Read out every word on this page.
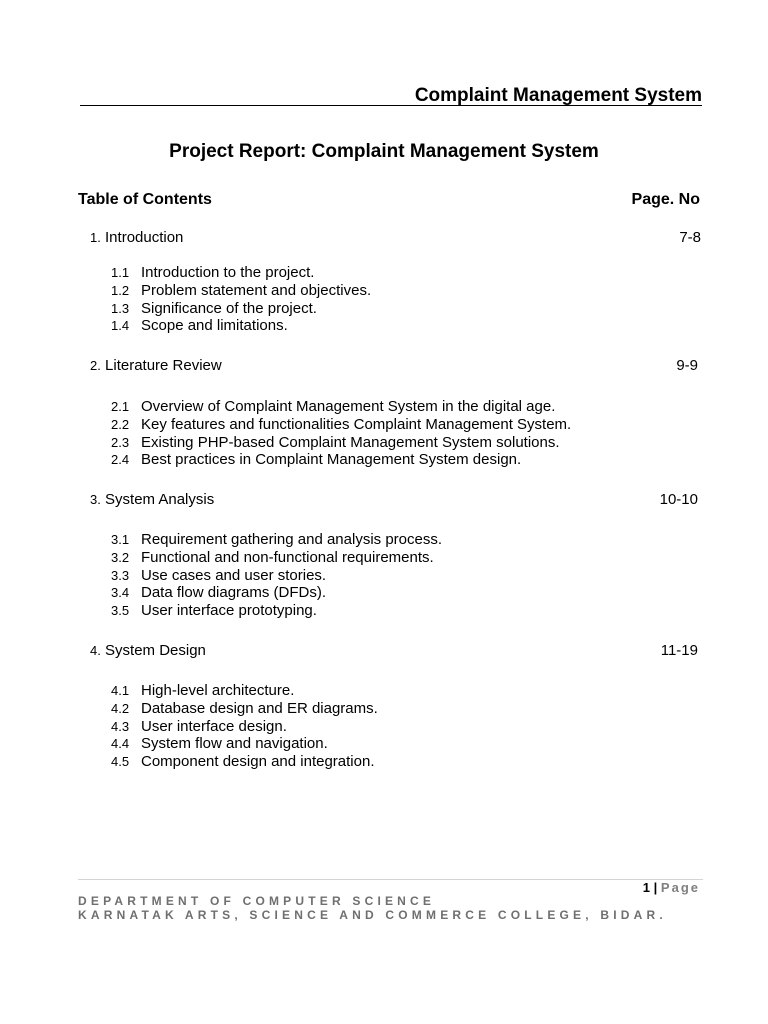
Complaint Management System
Project Report: Complaint Management System
Table of Contents	Page. No
1. Introduction	7-8
1.1 Introduction to the project.
1.2 Problem statement and objectives.
1.3 Significance of the project.
1.4 Scope and limitations.
2. Literature Review	9-9
2.1 Overview of Complaint Management System in the digital age.
2.2 Key features and functionalities Complaint Management System.
2.3 Existing PHP-based Complaint Management System solutions.
2.4 Best practices in Complaint Management System design.
3. System Analysis	10-10
3.1 Requirement gathering and analysis process.
3.2 Functional and non-functional requirements.
3.3 Use cases and user stories.
3.4 Data flow diagrams (DFDs).
3.5 User interface prototyping.
4. System Design	11-19
4.1 High-level architecture.
4.2 Database design and ER diagrams.
4.3 User interface design.
4.4 System flow and navigation.
4.5 Component design and integration.
1 | Page
DEPARTMENT OF COMPUTER SCIENCE
KARNATAK ARTS, SCIENCE AND COMMERCE COLLEGE, BIDAR.
